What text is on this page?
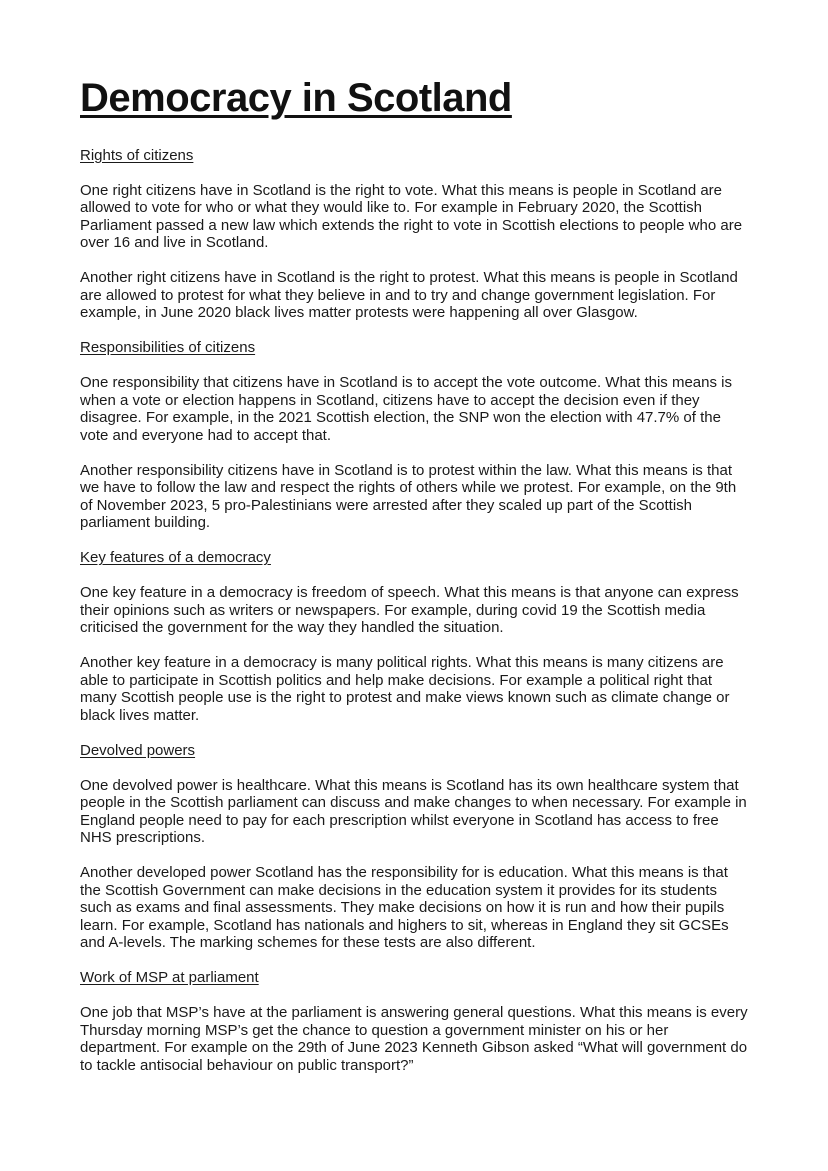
Democracy in Scotland
Rights of citizens

One right citizens have in Scotland is the right to vote. What this means is people in Scotland are allowed to vote for who or what they would like to. For example in February 2020, the Scottish Parliament passed a new law which extends the right to vote in Scottish elections to people who are over 16 and live in Scotland.

Another right citizens have in Scotland is the right to protest. What this means is people in Scotland are allowed to protest for what they believe in and to try and change government legislation. For example, in June 2020 black lives matter protests were happening all over Glasgow.

Responsibilities of citizens

One responsibility that citizens have in Scotland is to accept the vote outcome. What this means is when a vote or election happens in Scotland, citizens have to accept the decision even if they disagree. For example, in the 2021 Scottish election, the SNP won the election with 47.7% of the vote and everyone had to accept that.

Another responsibility citizens have in Scotland is to protest within the law. What this means is that we have to follow the law and respect the rights of others while we protest. For example, on the 9th of November 2023, 5 pro-Palestinians were arrested after they scaled up part of the Scottish parliament building.

Key features of a democracy

One key feature in a democracy is freedom of speech. What this means is that anyone can express their opinions such as writers or newspapers. For example, during covid 19 the Scottish media criticised the government for the way they handled the situation.

Another key feature in a democracy is many political rights. What this means is many citizens are able to participate in Scottish politics and help make decisions. For example a political right that many Scottish people use is the right to protest and make views known such as climate change or black lives matter.

Devolved powers

One devolved power is healthcare. What this means is Scotland has its own healthcare system that people in the Scottish parliament can discuss and make changes to when necessary. For example in England people need to pay for each prescription whilst everyone in Scotland has access to free NHS prescriptions.

Another developed power Scotland has the responsibility for is education. What this means is that the Scottish Government can make decisions in the education system it provides for its students such as exams and final assessments. They make decisions on how it is run and how their pupils learn. For example, Scotland has nationals and highers to sit, whereas in England they sit GCSEs and A-levels. The marking schemes for these tests are also different.

Work of MSP at parliament

One job that MSP’s have at the parliament is answering general questions. What this means is every Thursday morning MSP’s get the chance to question a government minister on his or her department. For example on the 29th of June 2023 Kenneth Gibson asked “What will government do to tackle antisocial behaviour on public transport?”
